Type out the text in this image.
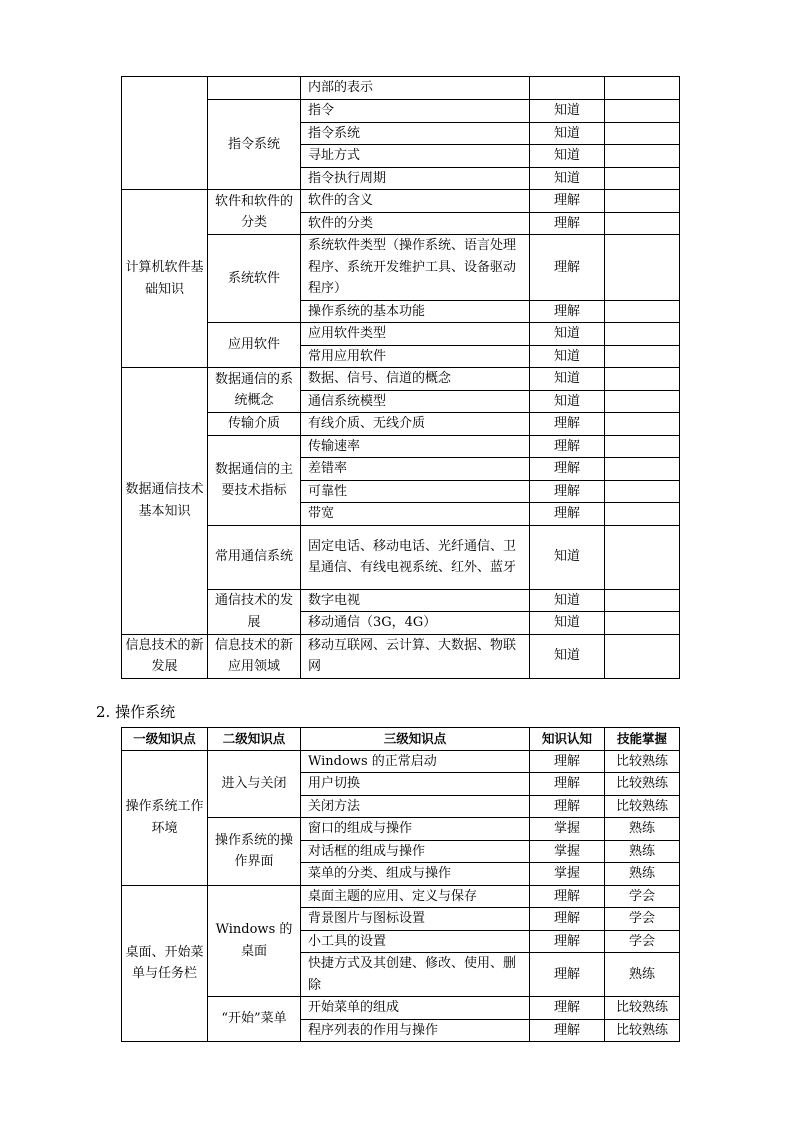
		内部的表示		
	指令系统	指令	知道	
		指令系统	知道	
		寻址方式	知道	
		指令执行周期	知道	
计算机软件基础知识	软件和软件的分类	软件的含义	理解	
		软件的分类	理解	
	系统软件	系统软件类型（操作系统、语言处理程序、系统开发维护工具、设备驱动程序）	理解	
		操作系统的基本功能	理解	
	应用软件	应用软件类型	知道	
		常用应用软件	知道	
数据通信技术基本知识	数据通信的系统概念	数据、信号、信道的概念	知道	
		通信系统模型	知道	
	传输介质	有线介质、无线介质	理解	
	数据通信的主要技术指标	传输速率	理解	
		差错率	理解	
		可靠性	理解	
		带宽	理解	
	常用通信系统	固定电话、移动电话、光纤通信、卫星通信、有线电视系统、红外、蓝牙	知道	
	通信技术的发展	数字电视	知道	
		移动通信（3G，4G）	知道	
信息技术的新发展	信息技术的新应用领域	移动互联网、云计算、大数据、物联网	知道	
2. 操作系统
一级知识点	二级知识点	三级知识点	知识认知	技能掌握
操作系统工作环境	进入与关闭	Windows 的正常启动	理解	比较熟练
		用户切换	理解	比较熟练
		关闭方法	理解	比较熟练
	操作系统的操作界面	窗口的组成与操作	掌握	熟练
		对话框的组成与操作	掌握	熟练
		菜单的分类、组成与操作	掌握	熟练
桌面、开始菜单与任务栏	Windows 的桌面	桌面主题的应用、定义与保存	理解	学会
		背景图片与图标设置	理解	学会
		小工具的设置	理解	学会
		快捷方式及其创建、修改、使用、删除	理解	熟练
	“开始”菜单	开始菜单的组成	理解	比较熟练
		程序列表的作用与操作	理解	比较熟练
